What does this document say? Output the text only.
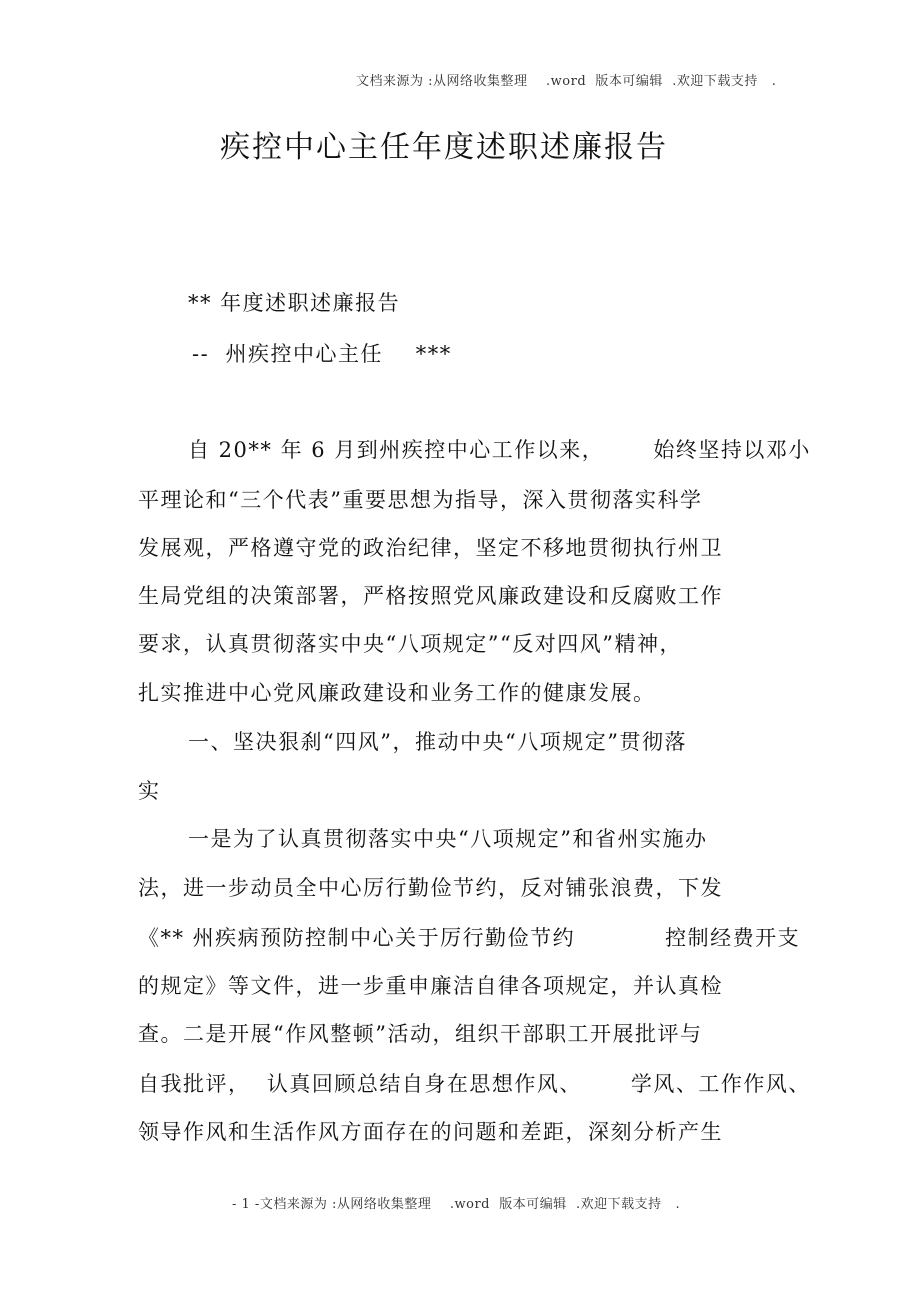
文档来源为 :从网络收集整理    .word  版本可编辑  .欢迎下载支持   .
疾控中心主任年度述职述廉报告
** 年度述职述廉报告
--  州疾控中心主任    ***
自 20** 年 6 月到州疾控中心工作以来，      始终坚持以邓小
平理论和“三个代表”重要思想为指导，深入贯彻落实科学
发展观，严格遵守党的政治纪律，坚定不移地贯彻执行州卫
生局党组的决策部署，严格按照党风廉政建设和反腐败工作
要求，认真贯彻落实中央“八项规定”“反对四风”精神，
扎实推进中心党风廉政建设和业务工作的健康发展。
一、坚决狠刹“四风”，推动中央“八项规定”贯彻落
实
一是为了认真贯彻落实中央“八项规定”和省州实施办
法，进一步动员全中心厉行勤俭节约，反对铺张浪费，下发
《** 州疾病预防控制中心关于厉行勤俭节约           控制经费开支
的规定》等文件，进一步重申廉洁自律各项规定，并认真检
查。二是开展“作风整顿”活动，组织干部职工开展批评与
自我批评，  认真回顾总结自身在思想作风、      学风、工作作风、
领导作风和生活作风方面存在的问题和差距，深刻分析产生
- 1 -文档来源为 :从网络收集整理    .word  版本可编辑  .欢迎下载支持   .
